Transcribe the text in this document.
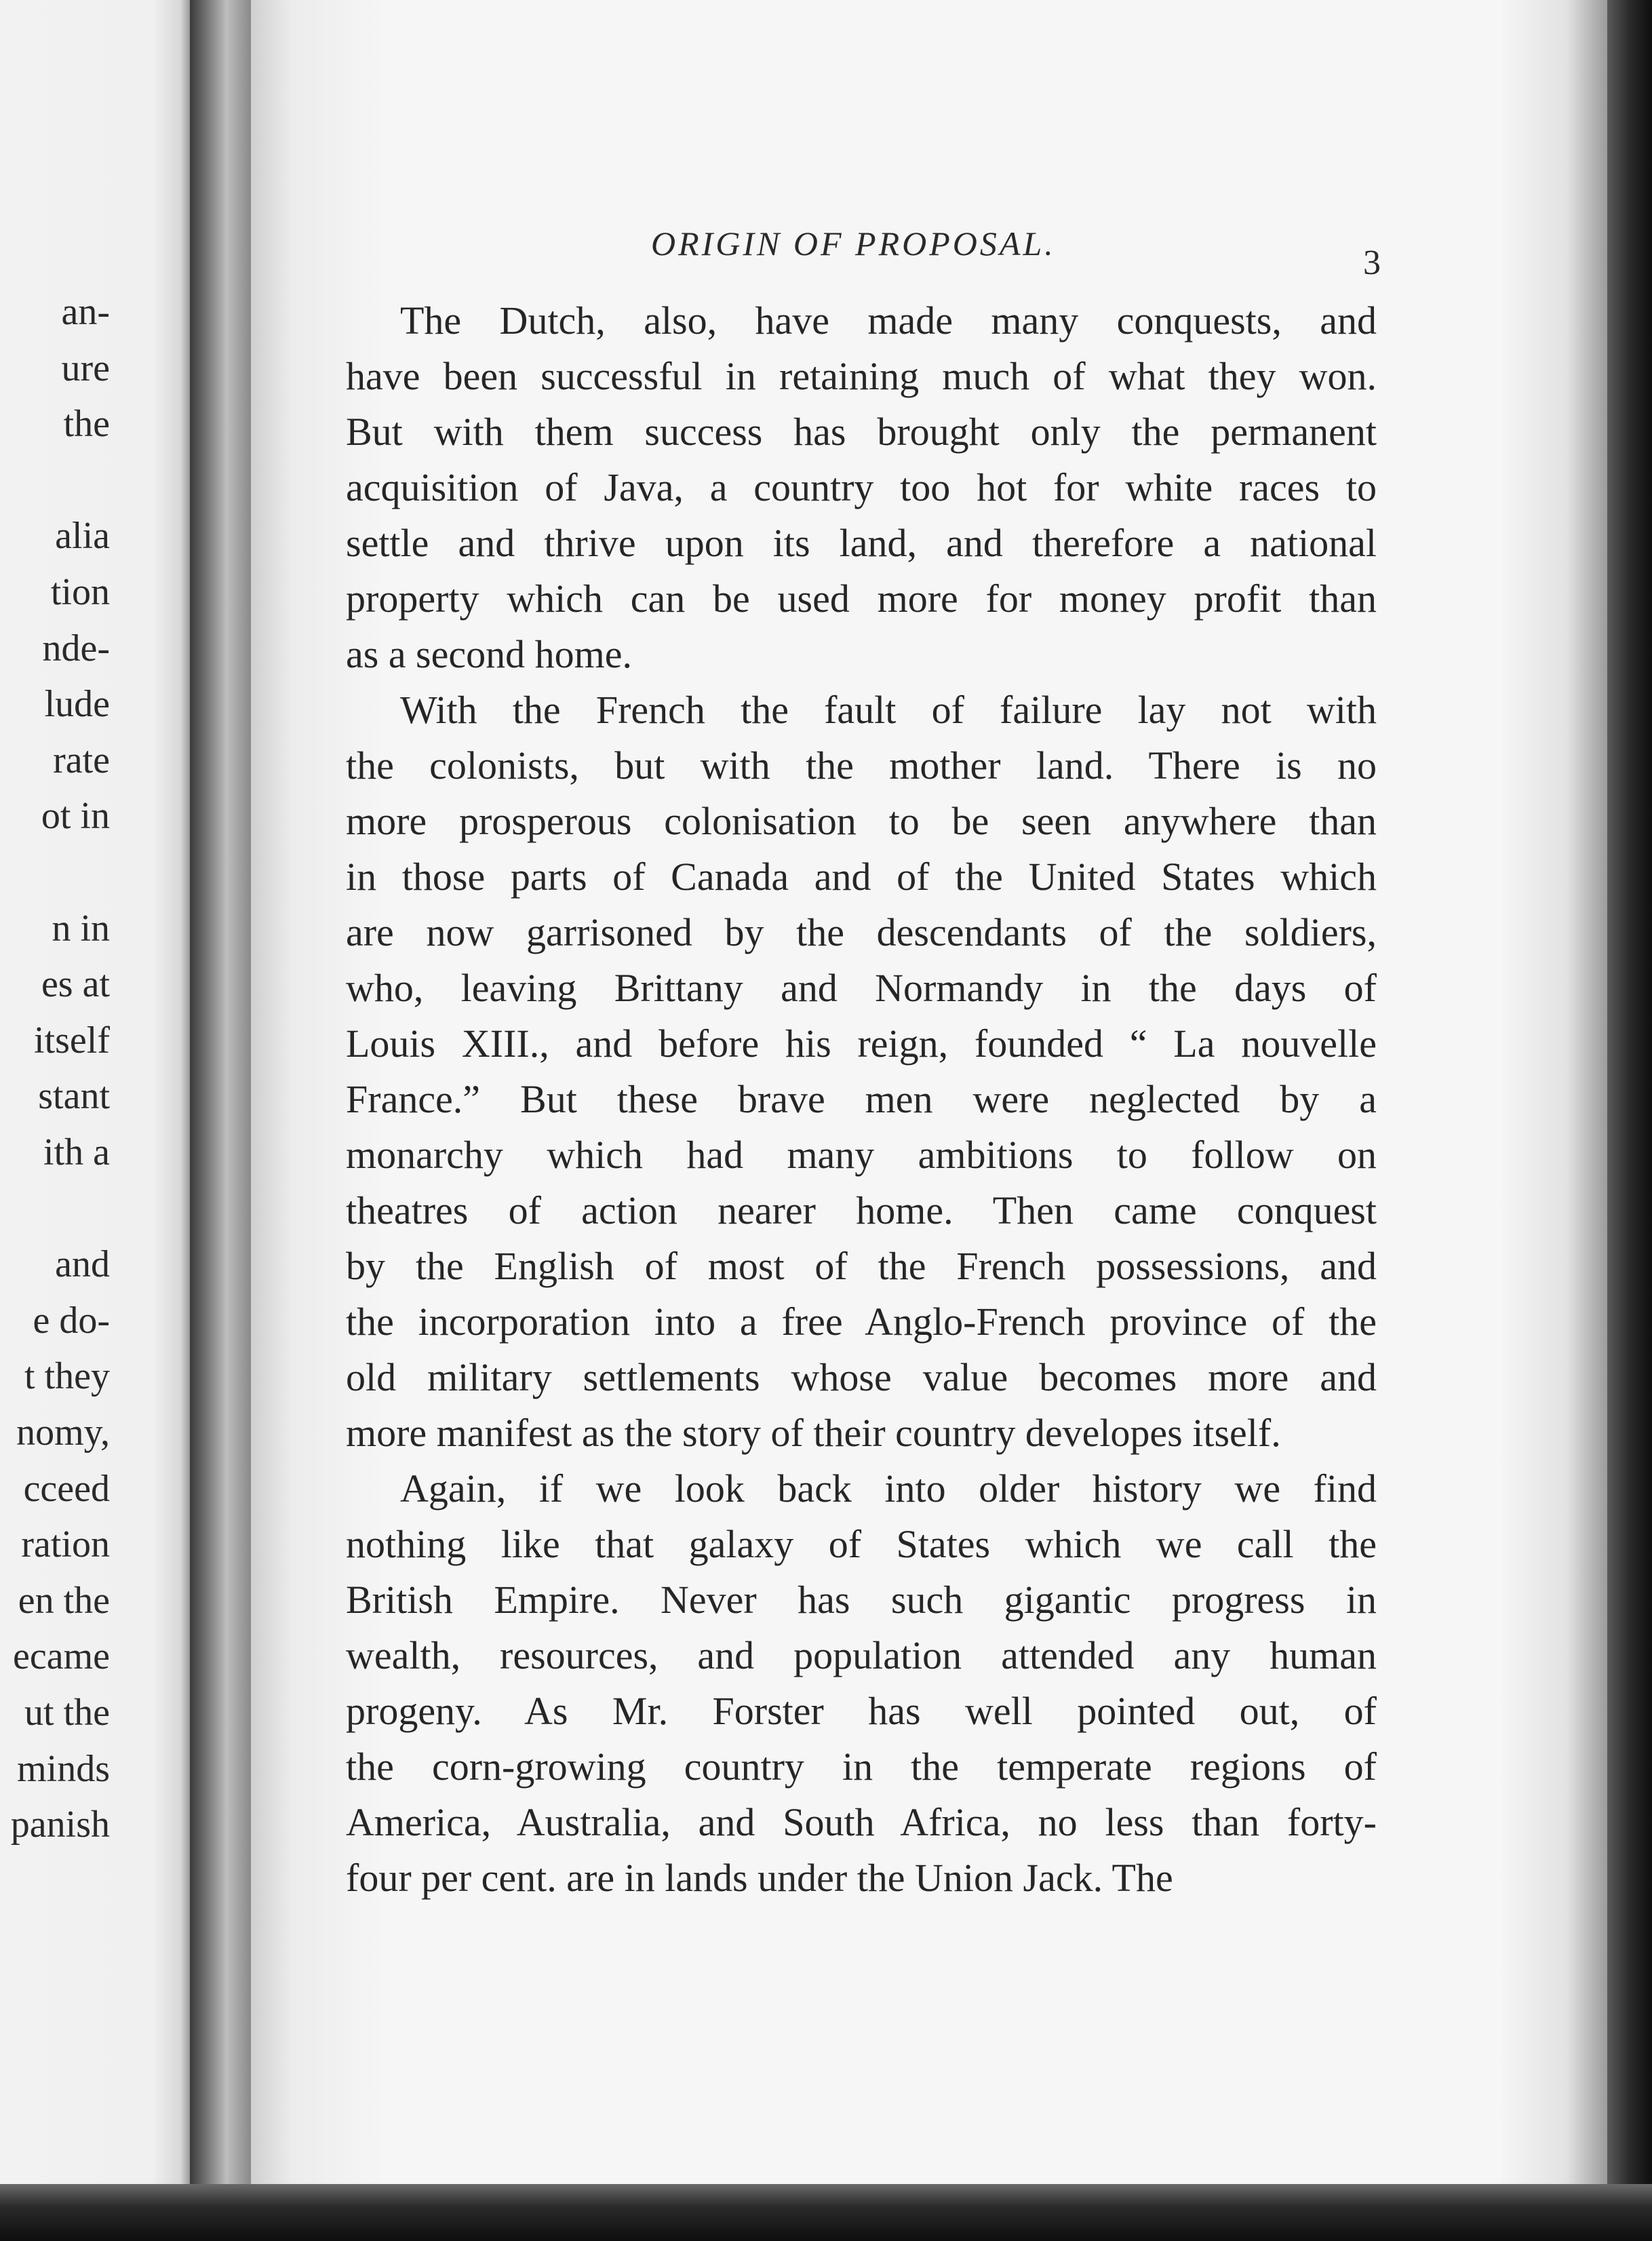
an-
ure
the
alia
tion
nde-
lude
rate
ot in
n in
es at
itself
stant
ith a
and
e do-
t they
nomy,
cceed
ration
en the
ecame
ut the
minds
panish
ORIGIN OF PROPOSAL.	3
The Dutch, also, have made many conquests, and
have been successful in retaining much of what they won.
But with them success has brought only the permanent
acquisition of Java, a country too hot for white races to
settle and thrive upon its land, and therefore a national
property which can be used more for money profit than
as a second home.
With the French the fault of failure lay not with
the colonists, but with the mother land. There is no
more prosperous colonisation to be seen anywhere than
in those parts of Canada and of the United States which
are now garrisoned by the descendants of the soldiers,
who, leaving Brittany and Normandy in the days of
Louis XIII., and before his reign, founded “ La nouvelle
France.” But these brave men were neglected by a
monarchy which had many ambitions to follow on
theatres of action nearer home. Then came conquest
by the English of most of the French possessions, and
the incorporation into a free Anglo-French province of the
old military settlements whose value becomes more and
more manifest as the story of their country developes itself.
Again, if we look back into older history we find
nothing like that galaxy of States which we call the
British Empire. Never has such gigantic progress in
wealth, resources, and population attended any human
progeny. As Mr. Forster has well pointed out, of
the corn-growing country in the temperate regions of
America, Australia, and South Africa, no less than forty-
four per cent. are in lands under the Union Jack. The
